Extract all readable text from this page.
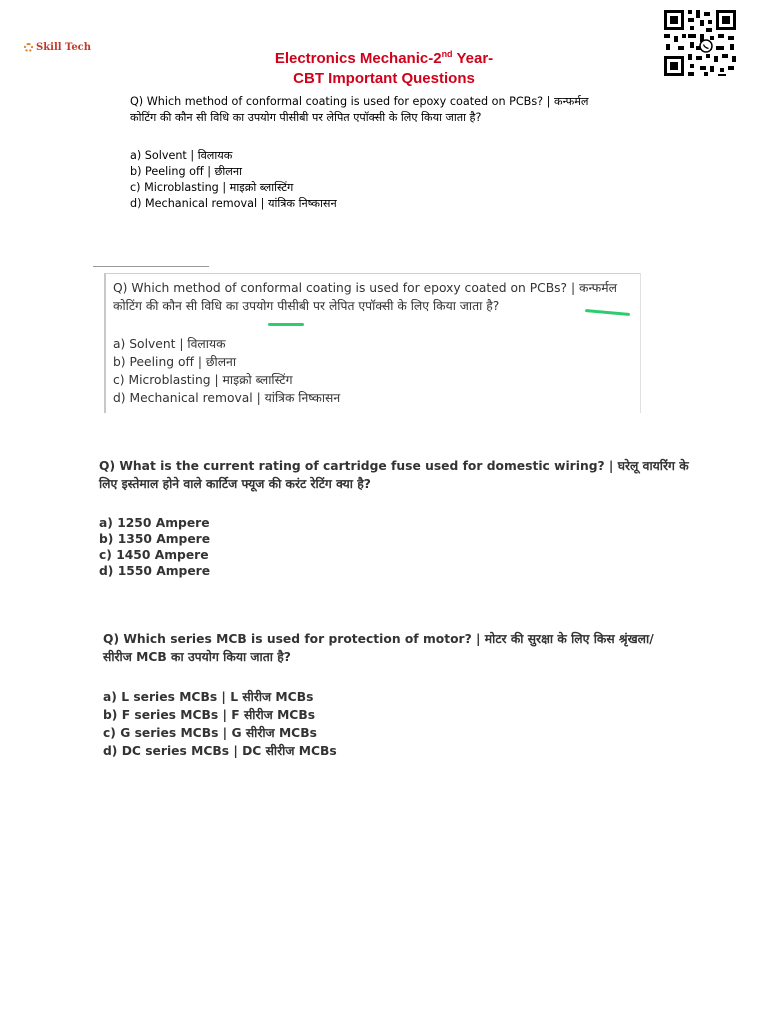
Skill Tech
Electronics Mechanic-2nd Year-
CBT Important Questions
Q) Which method of conformal coating is used for epoxy coated on PCBs? | कन्फर्मल
कोटिंग की कौन सी विधि का उपयोग पीसीबी पर लेपित एपॉक्सी के लिए किया जाता है?
a) Solvent | विलायक
b) Peeling off | छीलना
c) Microblasting | माइक्रो ब्लास्टिंग
d) Mechanical removal | यांत्रिक निष्कासन
Q) Which method of conformal coating is used for epoxy coated on PCBs? | कन्फर्मल
कोटिंग की कौन सी विधि का उपयोग पीसीबी पर लेपित एपॉक्सी के लिए किया जाता है?
a) Solvent | विलायक
b) Peeling off | छीलना
c) Microblasting | माइक्रो ब्लास्टिंग
d) Mechanical removal | यांत्रिक निष्कासन
Q) What is the current rating of cartridge fuse used for domestic wiring? | घरेलू वायरिंग के
लिए इस्तेमाल होने वाले कार्टिज फ्यूज की करंट रेटिंग क्या है?
a) 1250 Ampere
b) 1350 Ampere
c) 1450 Ampere
d) 1550 Ampere
Q) Which series MCB is used for protection of motor? | मोटर की सुरक्षा के लिए किस श्रृंखला/
सीरीज MCB का उपयोग किया जाता है?
a) L series MCBs | L सीरीज MCBs
b) F series MCBs | F सीरीज MCBs
c) G series MCBs | G सीरीज MCBs
d) DC series MCBs | DC सीरीज MCBs
